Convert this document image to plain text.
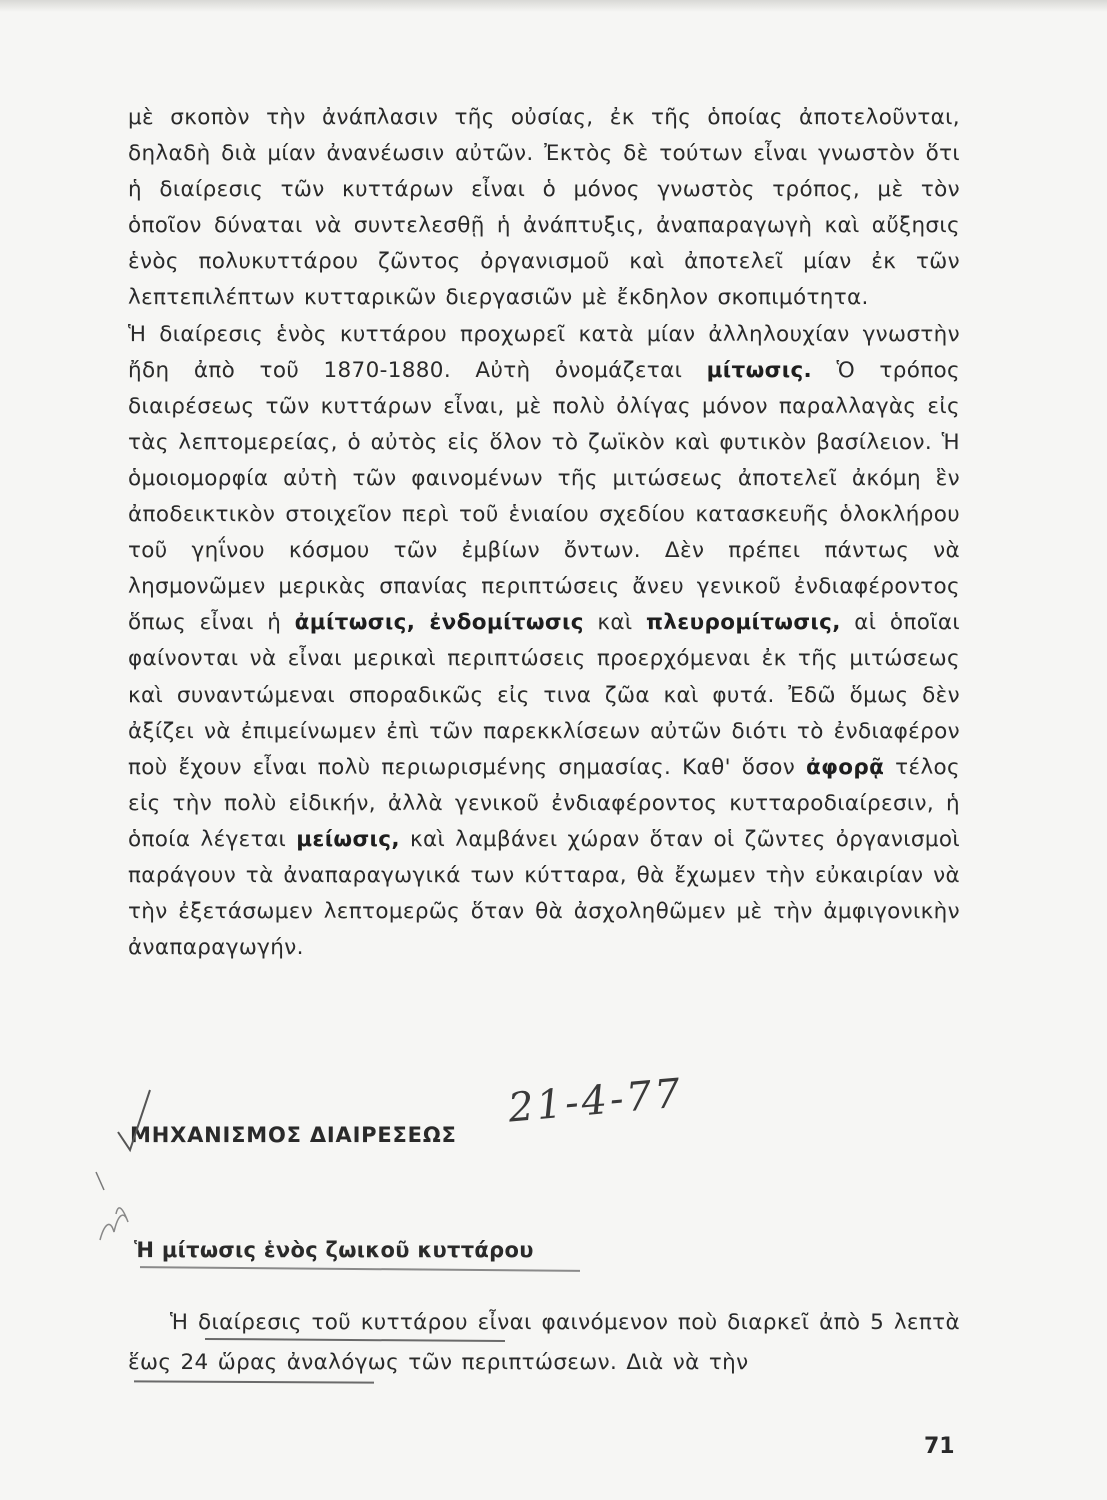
μὲ σκοπὸν τὴν ἀνάπλασιν τῆς οὐσίας, ἐκ τῆς ὁποίας ἀποτελοῦνται, δηλαδὴ διὰ μίαν ἀνανέωσιν αὐτῶν. Ἐκτὸς δὲ τούτων εἶναι γνωστὸν ὅτι ἡ διαίρεσις τῶν κυττάρων εἶναι ὁ μόνος γνωστὸς τρόπος, μὲ τὸν ὁποῖον δύναται νὰ συντελεσθῇ ἡ ἀνάπτυξις, ἀναπαραγωγὴ καὶ αὔξησις ἑνὸς πολυκυττάρου ζῶντος ὀργανισμοῦ καὶ ἀποτελεῖ μίαν ἐκ τῶν λεπτεπιλέπτων κυτταρικῶν διεργασιῶν μὲ ἔκδηλον σκοπιμότητα.

Ἡ διαίρεσις ἑνὸς κυττάρου προχωρεῖ κατὰ μίαν ἀλληλουχίαν γνωστὴν ἤδη ἀπὸ τοῦ 1870-1880. Αὐτὴ ὀνομάζεται μίτωσις. Ὁ τρόπος διαιρέσεως τῶν κυττάρων εἶναι, μὲ πολὺ ὀλίγας μόνον παραλλαγὰς εἰς τὰς λεπτομερείας, ὁ αὐτὸς εἰς ὅλον τὸ ζωϊκὸν καὶ φυτικὸν βασίλειον. Ἡ ὁμοιομορφία αὐτὴ τῶν φαινομένων τῆς μιτώσεως ἀποτελεῖ ἀκόμη ἓν ἀποδεικτικὸν στοιχεῖον περὶ τοῦ ἑνιαίου σχεδίου κατασκευῆς ὁλοκλήρου τοῦ γηΐνου κόσμου τῶν ἐμβίων ὄντων. Δὲν πρέπει πάντως νὰ λησμονῶμεν μερικὰς σπανίας περιπτώσεις ἄνευ γενικοῦ ἐνδιαφέροντος ὅπως εἶναι ἡ ἀμίτωσις, ἐνδομίτωσις καὶ πλευρομίτωσις, αἱ ὁποῖαι φαίνονται νὰ εἶναι μερικαὶ περιπτώσεις προερχόμεναι ἐκ τῆς μιτώσεως καὶ συναντώμεναι σποραδικῶς εἰς τινα ζῶα καὶ φυτά. Ἐδῶ ὅμως δὲν ἀξίζει νὰ ἐπιμείνωμεν ἐπὶ τῶν παρεκκλίσεων αὐτῶν διότι τὸ ἐνδιαφέρον ποὺ ἔχουν εἶναι πολὺ περιωρισμένης σημασίας. Καθ' ὅσον ἀφορᾷ τέλος εἰς τὴν πολὺ εἰδικήν, ἀλλὰ γενικοῦ ἐνδιαφέροντος κυτταροδιαίρεσιν, ἡ ὁποία λέγεται μείωσις, καὶ λαμβάνει χώραν ὅταν οἱ ζῶντες ὀργανισμοὶ παράγουν τὰ ἀναπαραγωγικά των κύτταρα, θὰ ἔχωμεν τὴν εὐκαιρίαν νὰ τὴν ἐξετάσωμεν λεπτομερῶς ὅταν θὰ ἀσχοληθῶμεν μὲ τὴν ἀμφιγονικὴν ἀναπαραγωγήν.

21-4-77
ΜΗΧΑΝΙΣΜΟΣ ΔΙΑΙΡΕΣΕΩΣ
Ἡ μίτωσις ἑνὸς ζωικοῦ κυττάρου

Ἡ διαίρεσις τοῦ κυττάρου εἶναι φαινόμενον ποὺ διαρκεῖ ἀπὸ 5 λεπτὰ ἕως 24 ὥρας ἀναλόγως τῶν περιπτώσεων. Διὰ νὰ τὴν

71
